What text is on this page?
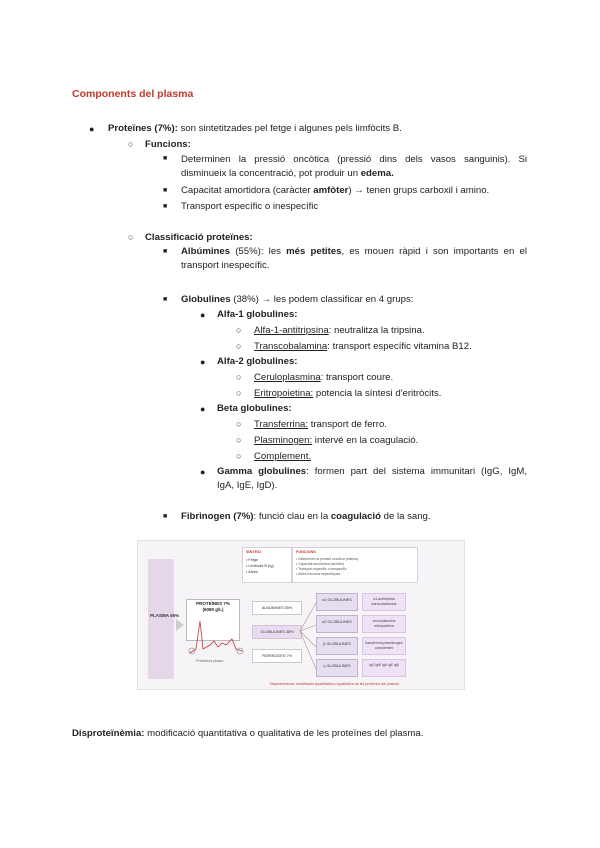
Components del plasma
● Proteïnes (7%): son sintetitzades pel fetge i algunes pels limfòcits B.
○ Funcions:
■ Determinen la pressió oncòtica (pressió dins dels vasos sanguinis). Si
disminueix la concentració, pot produir un edema.
■ Capacitat amortidora (caràcter amfòter) → tenen grups carboxil i amino.
■ Transport específic o inespecífic
○ Classificació proteïnes:
■ Albúmines (55%): les més petites, es mouen ràpid i son importants en el
transport inespecífic.
■ Globulines (38%) → les podem classificar en 4 grups:
● Alfa-1 globulines:
○ Alfa-1-antitripsina: neutralitza la tripsina.
○ Transcobalamina: transport específic vitamina B12.
● Alfa-2 globulines:
○ Ceruloplasmina: transport coure.
○ Eritropoietina: potencia la síntesi d'eritròcits.
● Beta globulines:
○ Transferrina: transport de ferro.
○ Plasminogen: intervé en la coagulació.
○ Complement.
● Gamma globulines: formen part del sistema immunitari (IgG, IgM,
IgA, IgE, IgD).
■ Fibrinogen (7%): funció clau en la coagulació de la sang.
PLASMA 55%
PROTEÏNES 7% (6080 g/L)
Proteïnes plasm.
SÍNTESI
• Fetge
• Limfòcits B (Ig)
• Altres
FUNCIONS
• Determinen la pressió oncòtica (edema)
• Capacitat amortidora (amfòter)
• Transport específic o inespecífic
• Altres funcions específiques
ALBÚMINES 55%
GLOBULINES 38%
FIBRINOGEN 7%
α1 GLOBULINES
α2 GLOBULINES
β GLOBULINES
γ GLOBULINES
α1-antitripsina transcobalamina
ceruloplasmina eritropoietina
transferrina plasminogen complement
IgG IgM IgA IgE IgD
Disproteïnèmia: modificació quantitativa o qualitativa de les proteïnes del plasma
Disproteïnèmia: modificació quantitativa o qualitativa de les proteïnes del plasma.
